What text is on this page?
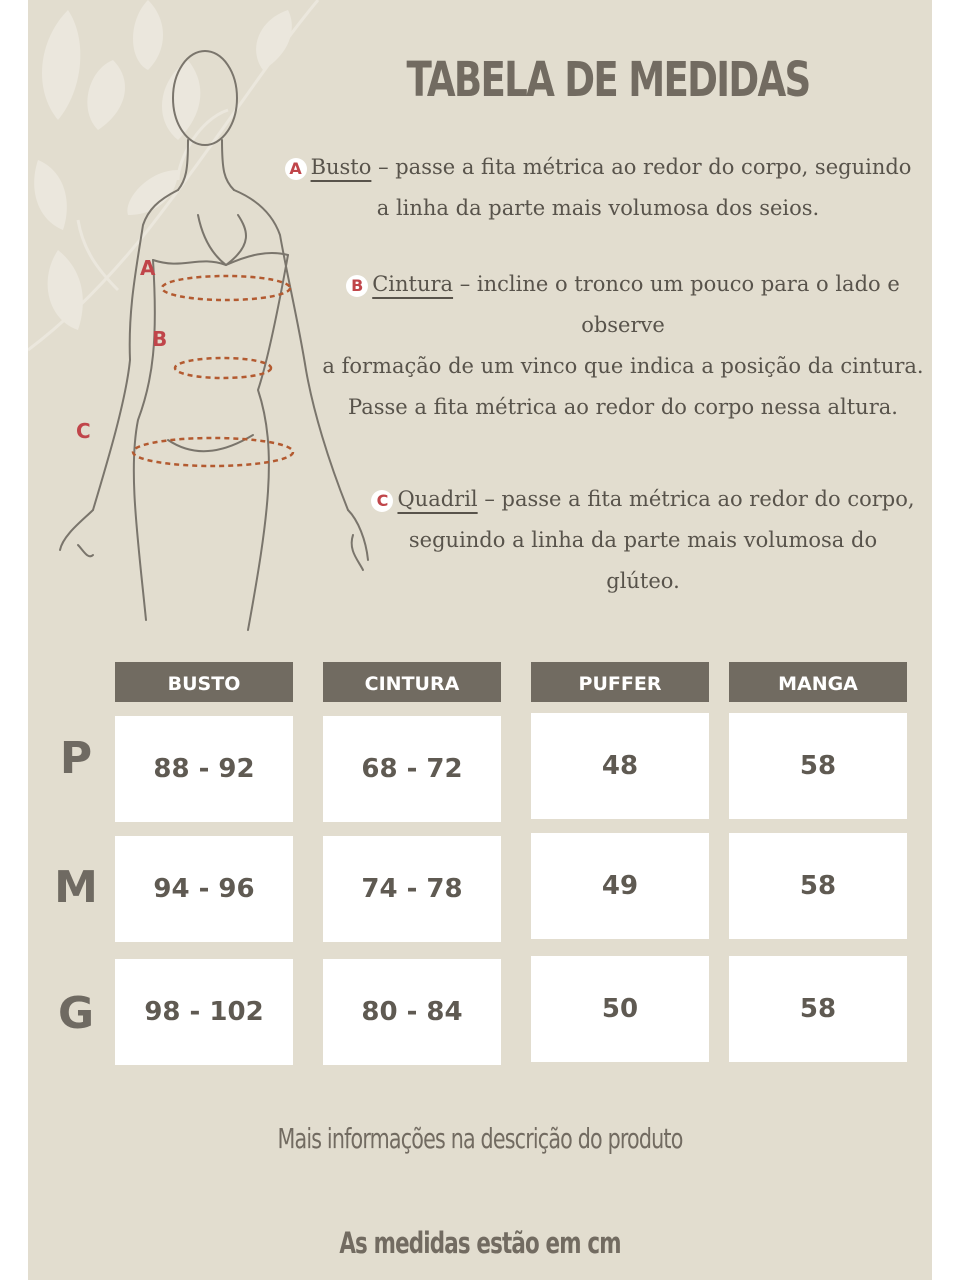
A
B
C
TABELA DE MEDIDAS
A Busto – passe a fita métrica ao redor do corpo, seguindo
a linha da parte mais volumosa dos seios.
B Cintura – incline o tronco um pouco para o lado e
observe
a formação de um vinco que indica a posição da cintura.
Passe a fita métrica ao redor do corpo nessa altura.
C Quadril – passe a fita métrica ao redor do corpo,
seguindo a linha da parte mais volumosa do
glúteo.
BUSTO	CINTURA	PUFFER	MANGA
P	88 - 92	68 - 72	48	58
M	94 - 96	74 - 78	49	58
G	98 - 102	80 - 84	50	58
Mais informações na descrição do produto
As medidas estão em cm
